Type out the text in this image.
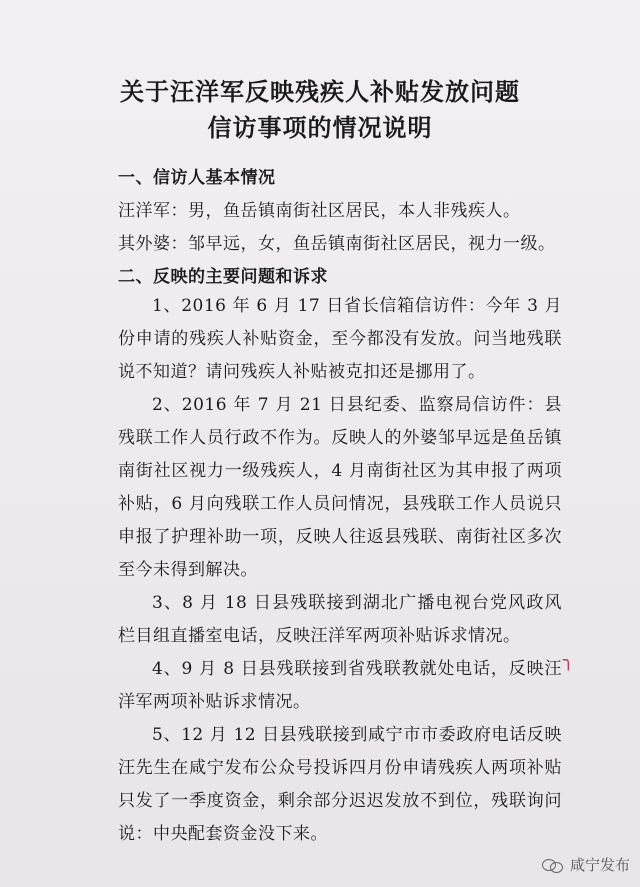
关于汪洋军反映残疾人补贴发放问题
信访事项的情况说明
一、信访人基本情况
汪洋军：男，鱼岳镇南街社区居民，本人非残疾人。
其外婆：邹早远，女，鱼岳镇南街社区居民，视力一级。
二、反映的主要问题和诉求

1、2016 年 6 月 17 日省长信箱信访件：今年 3 月份申请的残疾人补贴资金，至今都没有发放。问当地残联说不知道？请问残疾人补贴被克扣还是挪用了。

2、2016 年 7 月 21 日县纪委、监察局信访件：县残联工作人员行政不作为。反映人的外婆邹早远是鱼岳镇南街社区视力一级残疾人，4 月南街社区为其申报了两项补贴，6 月向残联工作人员问情况，县残联工作人员说只申报了护理补助一项，反映人往返县残联、南街社区多次至今未得到解决。

3、8 月 18 日县残联接到湖北广播电视台党风政风栏目组直播室电话，反映汪洋军两项补贴诉求情况。

4、9 月 8 日县残联接到省残联教就处电话，反映汪洋军两项补贴诉求情况。

5、12 月 12 日县残联接到咸宁市市委政府电话反映汪先生在咸宁发布公众号投诉四月份申请残疾人两项补贴只发了一季度资金，剩余部分迟迟发放不到位，残联询问说：中央配套资金没下来。

╮
咸宁发布
